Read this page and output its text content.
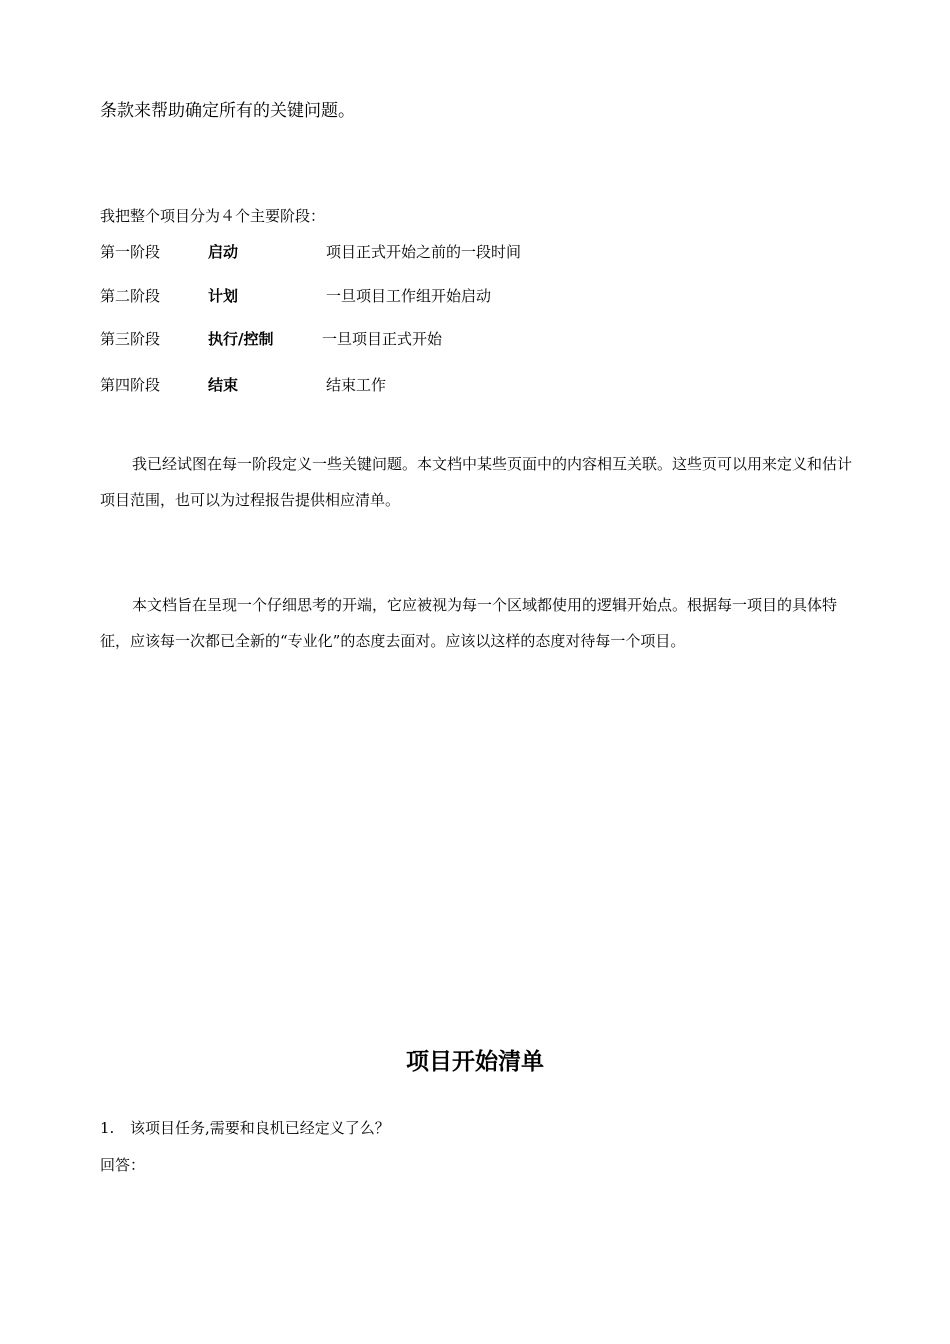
条款来帮助确定所有的关键问题。
我把整个项目分为４个主要阶段：
第一阶段	启动	项目正式开始之前的一段时间
第二阶段	计划	一旦项目工作组开始启动
第三阶段	执行/控制	一旦项目正式开始
第四阶段	结束	结束工作
我已经试图在每一阶段定义一些关键问题。本文档中某些页面中的内容相互关联。这些页可以用来定义和估计项目范围，也可以为过程报告提供相应清单。
本文档旨在呈现一个仔细思考的开端，它应被视为每一个区域都使用的逻辑开始点。根据每一项目的具体特征，应该每一次都已全新的“专业化”的态度去面对。应该以这样的态度对待每一个项目。
项目开始清单
1. 该项目任务,需要和良机已经定义了么？
回答：
